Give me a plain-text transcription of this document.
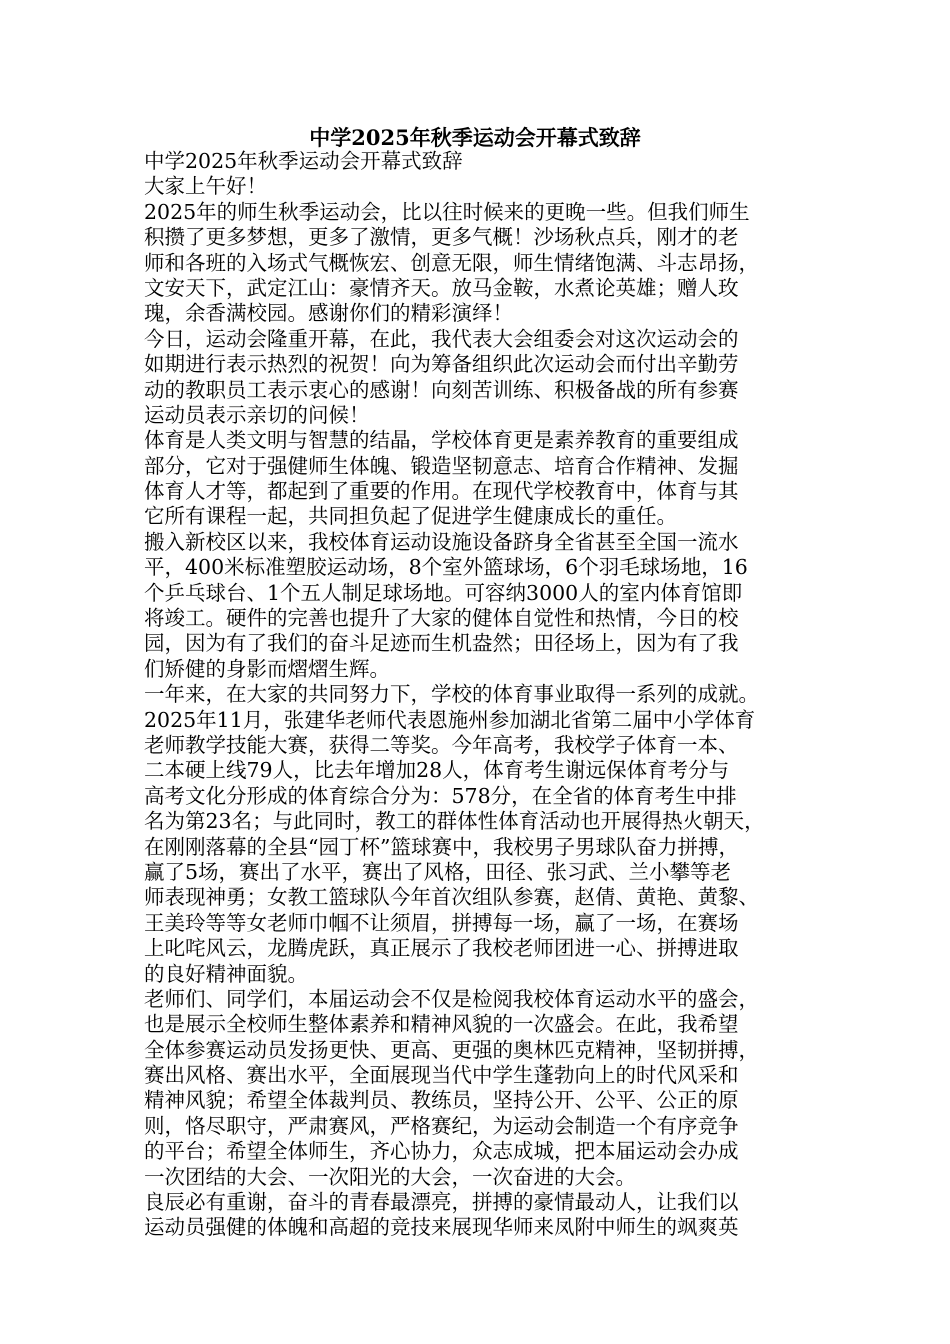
中学2025年秋季运动会开幕式致辞
中学2025年秋季运动会开幕式致辞
大家上午好！
2025年的师生秋季运动会，比以往时候来的更晚一些。但我们师生
积攒了更多梦想，更多了激情，更多气概！沙场秋点兵，刚才的老
师和各班的入场式气概恢宏、创意无限，师生情绪饱满、斗志昂扬，
文安天下，武定江山：豪情齐天。放马金鞍，水煮论英雄；赠人玫
瑰，余香满校园。感谢你们的精彩演绎！
今日，运动会隆重开幕，在此，我代表大会组委会对这次运动会的
如期进行表示热烈的祝贺！向为筹备组织此次运动会而付出辛勤劳
动的教职员工表示衷心的感谢！向刻苦训练、积极备战的所有参赛
运动员表示亲切的问候！
体育是人类文明与智慧的结晶，学校体育更是素养教育的重要组成
部分，它对于强健师生体魄、锻造坚韧意志、培育合作精神、发掘
体育人才等，都起到了重要的作用。在现代学校教育中，体育与其
它所有课程一起，共同担负起了促进学生健康成长的重任。
搬入新校区以来，我校体育运动设施设备跻身全省甚至全国一流水
平，400米标准塑胶运动场，8个室外篮球场，6个羽毛球场地，16
个乒乓球台、1个五人制足球场地。可容纳3000人的室内体育馆即
将竣工。硬件的完善也提升了大家的健体自觉性和热情，今日的校
园，因为有了我们的奋斗足迹而生机盎然；田径场上，因为有了我
们矫健的身影而熠熠生辉。
一年来，在大家的共同努力下，学校的体育事业取得一系列的成就。
2025年11月，张建华老师代表恩施州参加湖北省第二届中小学体育
老师教学技能大赛，获得二等奖。今年高考，我校学子体育一本、
二本硬上线79人，比去年增加28人，体育考生谢远保体育考分与
高考文化分形成的体育综合分为：578分，在全省的体育考生中排
名为第23名；与此同时，教工的群体性体育活动也开展得热火朝天，
在刚刚落幕的全县“园丁杯”篮球赛中，我校男子男球队奋力拼搏，
赢了5场，赛出了水平，赛出了风格，田径、张习武、兰小攀等老
师表现神勇；女教工篮球队今年首次组队参赛，赵倩、黄艳、黄黎、
王美玲等等女老师巾帼不让须眉，拼搏每一场，赢了一场，在赛场
上叱咤风云，龙腾虎跃，真正展示了我校老师团进一心、拼搏进取
的良好精神面貌。
老师们、同学们，本届运动会不仅是检阅我校体育运动水平的盛会，
也是展示全校师生整体素养和精神风貌的一次盛会。在此，我希望
全体参赛运动员发扬更快、更高、更强的奥林匹克精神，坚韧拼搏，
赛出风格、赛出水平，全面展现当代中学生蓬勃向上的时代风采和
精神风貌；希望全体裁判员、教练员，坚持公开、公平、公正的原
则，恪尽职守，严肃赛风，严格赛纪，为运动会制造一个有序竞争
的平台；希望全体师生，齐心协力，众志成城，把本届运动会办成
一次团结的大会、一次阳光的大会，一次奋进的大会。
良辰必有重谢，奋斗的青春最漂亮，拼搏的豪情最动人，让我们以
运动员强健的体魄和高超的竞技来展现华师来凤附中师生的飒爽英
